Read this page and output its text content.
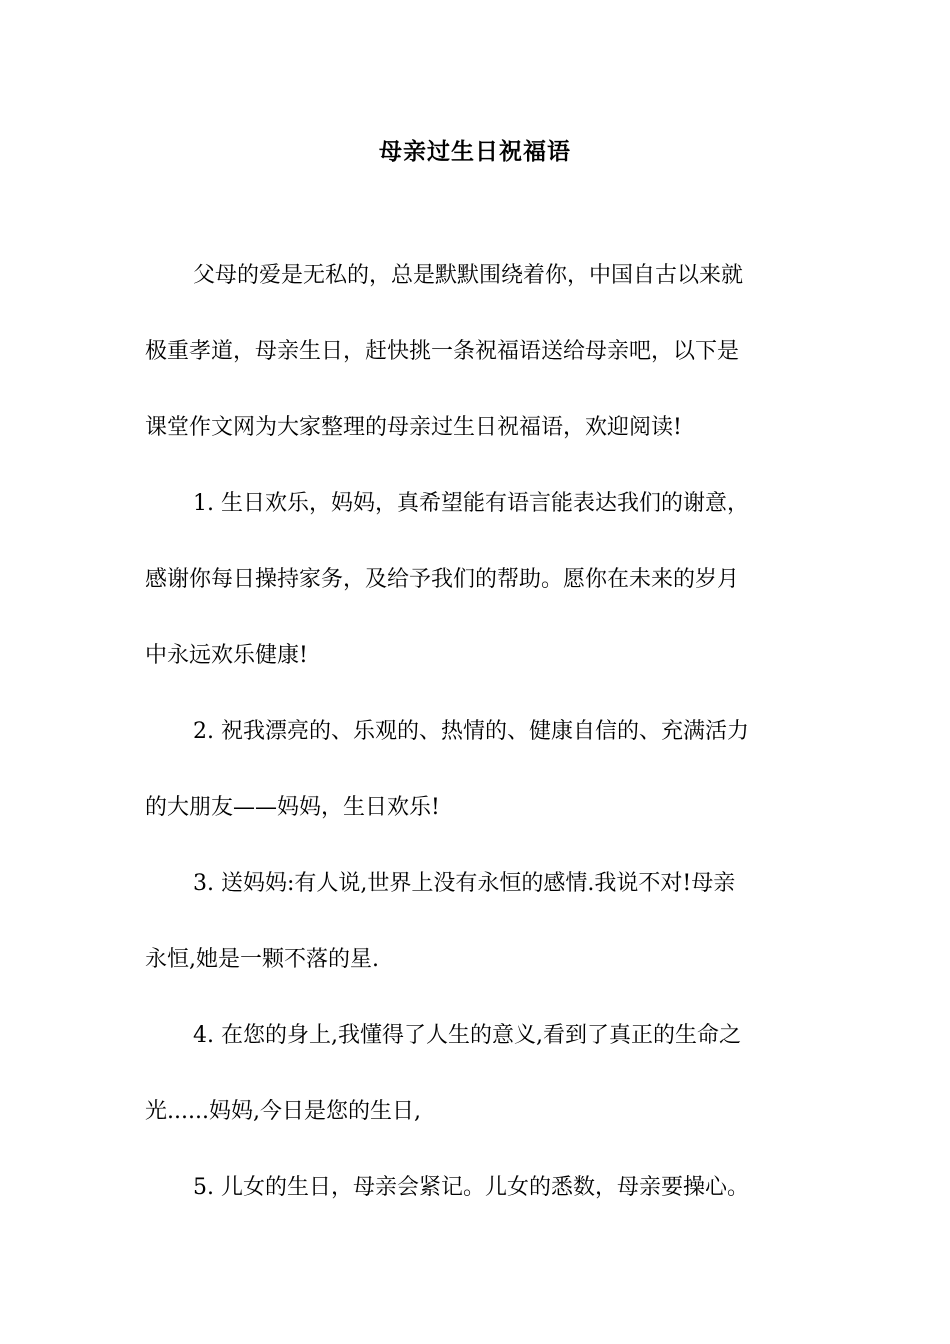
母亲过生日祝福语
父母的爱是无私的，总是默默围绕着你，中国自古以来就
极重孝道，母亲生日，赶快挑一条祝福语送给母亲吧，以下是
课堂作文网为大家整理的母亲过生日祝福语，欢迎阅读!
1. 生日欢乐，妈妈，真希望能有语言能表达我们的谢意，
感谢你每日操持家务，及给予我们的帮助。愿你在未来的岁月
中永远欢乐健康!
2. 祝我漂亮的、乐观的、热情的、健康自信的、充满活力
的大朋友——妈妈，生日欢乐!
3. 送妈妈:有人说,世界上没有永恒的感情.我说不对!母亲
永恒,她是一颗不落的星.
4. 在您的身上,我懂得了人生的意义,看到了真正的生命之
光......妈妈,今日是您的生日,
5. 儿女的生日，母亲会紧记。儿女的悉数，母亲要操心。
